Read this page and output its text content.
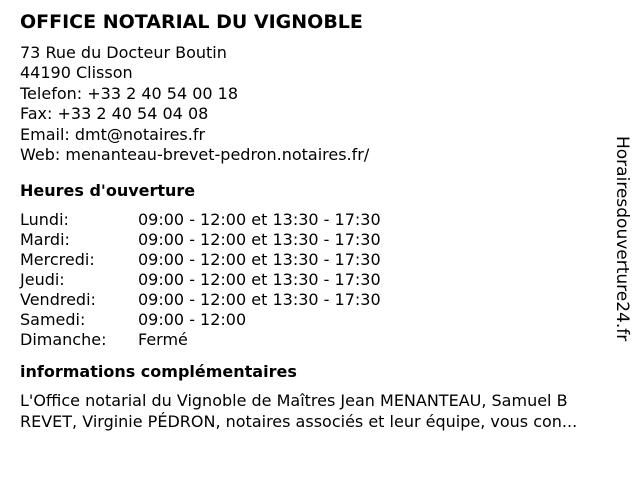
OFFICE NOTARIAL DU VIGNOBLE
73 Rue du Docteur Boutin
44190 Clisson
Telefon: +33 2 40 54 00 18
Fax: +33 2 40 54 04 08
Email: dmt@notaires.fr
Web: menanteau-brevet-pedron.notaires.fr/
Heures d'ouverture
Lundi:	09:00 - 12:00 et 13:30 - 17:30
Mardi:	09:00 - 12:00 et 13:30 - 17:30
Mercredi:	09:00 - 12:00 et 13:30 - 17:30
Jeudi:	09:00 - 12:00 et 13:30 - 17:30
Vendredi:	09:00 - 12:00 et 13:30 - 17:30
Samedi:	09:00 - 12:00
Dimanche:	Fermé
informations complémentaires
L'Office notarial du Vignoble de Maîtres Jean MENANTEAU, Samuel B
REVET, Virginie PÉDRON, notaires associés et leur équipe, vous con...
Horairesdouverture24.fr
